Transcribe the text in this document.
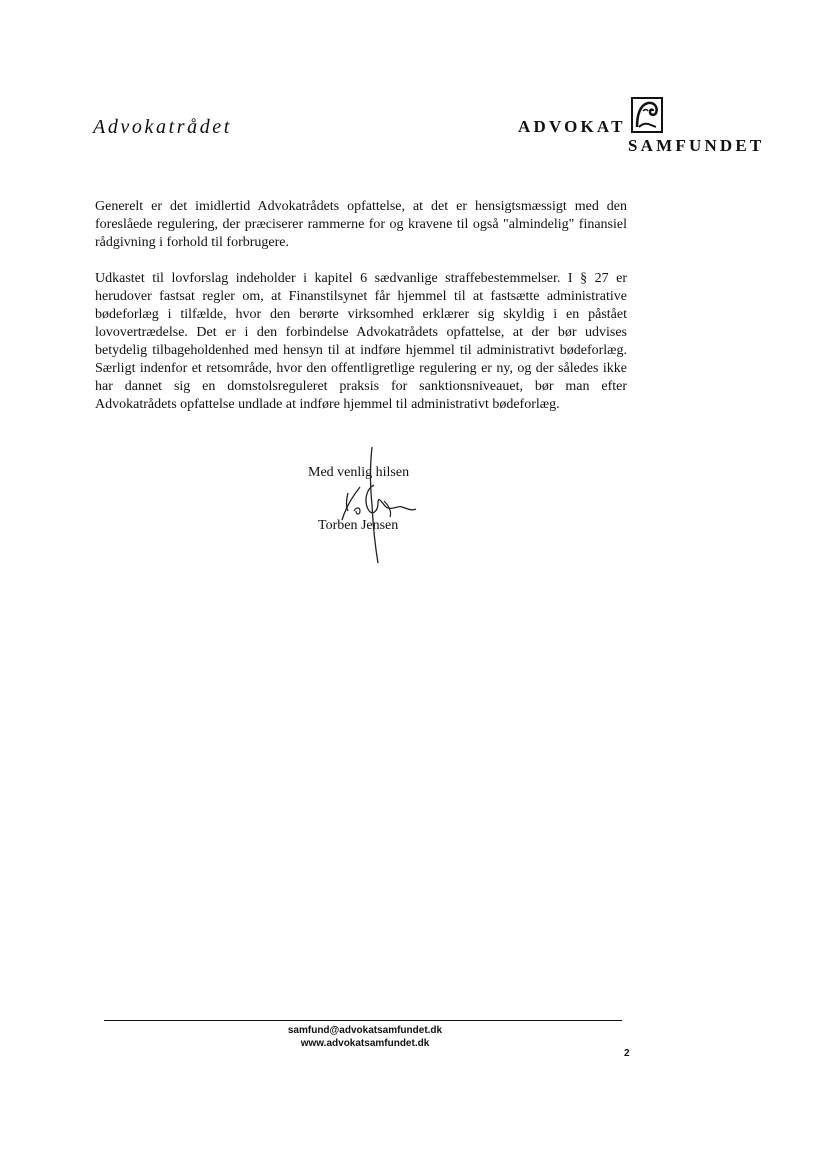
Advokatrådet	ADVOKAT
SAMFUNDET

Generelt er det imidlertid Advokatrådets opfattelse, at det er hensigtsmæssigt med den foreslåede regulering, der præciserer rammerne for og kravene til også "almindelig" finansiel rådgivning i forhold til forbrugere.

Udkastet til lovforslag indeholder i kapitel 6 sædvanlige straffebestemmelser. I § 27 er herudover fastsat regler om, at Finanstilsynet får hjemmel til at fastsætte administrative bødeforlæg i tilfælde, hvor den berørte virksomhed erklærer sig skyldig i en påstået lovovertrædelse. Det er i den forbindelse Advokatrådets opfattelse, at der bør udvises betydelig tilbageholdenhed med hensyn til at indføre hjemmel til administrativt bødeforlæg. Særligt indenfor et retsområde, hvor den offentligretlige regulering er ny, og der således ikke har dannet sig en domstolsreguleret praksis for sanktionsniveauet, bør man efter Advokatrådets opfattelse undlade at indføre hjemmel til administrativt bødeforlæg.

Med venlig hilsen
Torben Jensen
samfund@advokatsamfundet.dk
www.advokatsamfundet.dk
2
